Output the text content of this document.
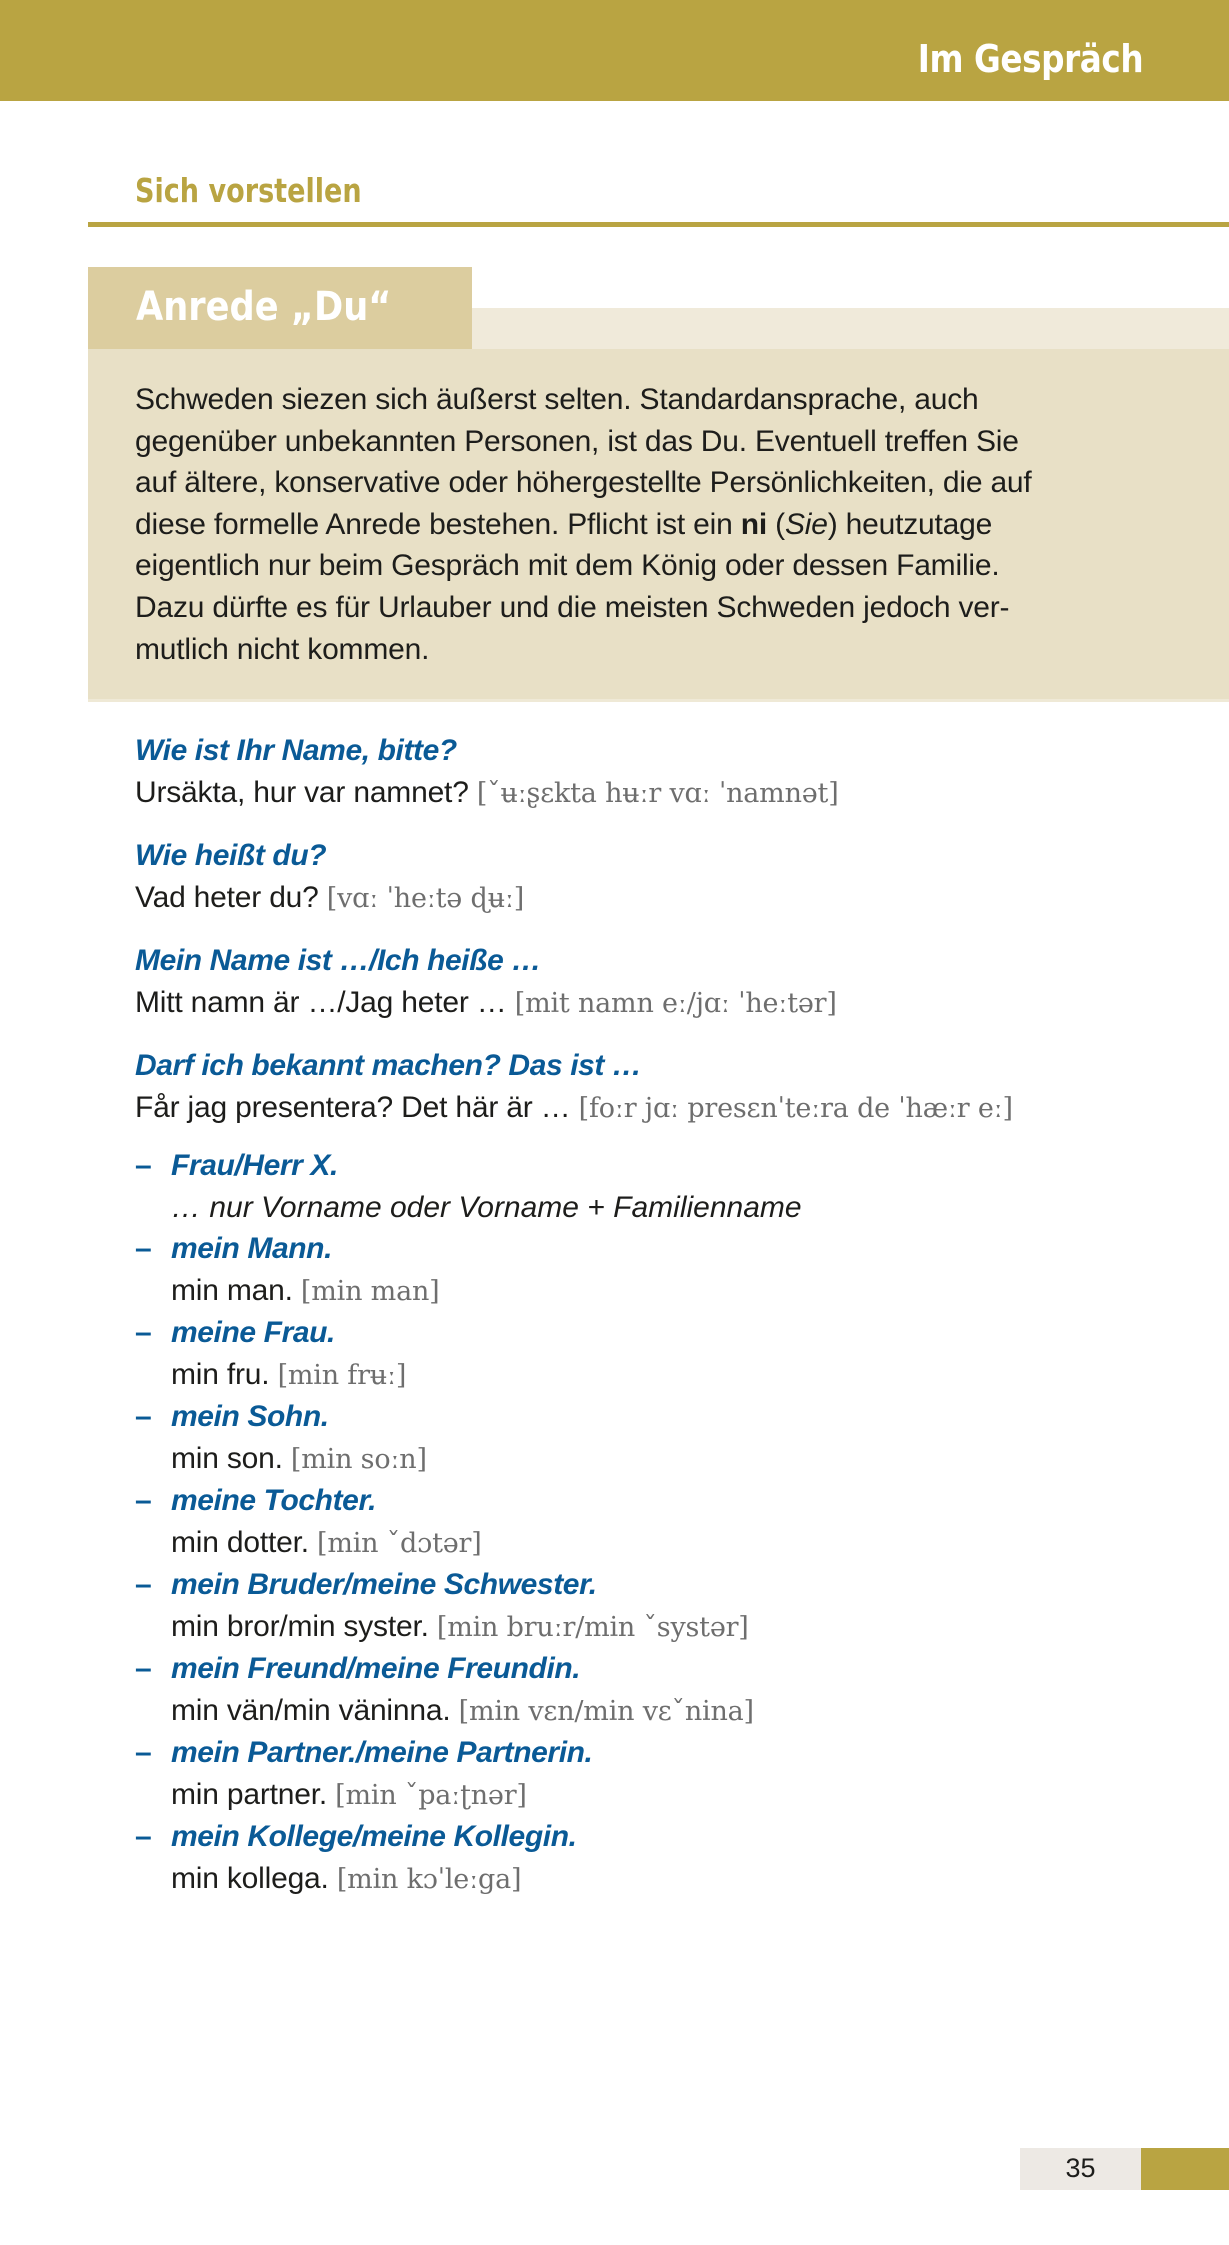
Im Gespräch
Sich vorstellen
Anrede „Du“

Schweden siezen sich äußerst selten. Standardansprache, auch
gegenüber unbekannten Personen, ist das Du. Eventuell treffen Sie
auf ältere, konservative oder höhergestellte Persönlichkeiten, die auf
diese formelle Anrede bestehen. Pflicht ist ein ni (Sie) heutzutage
eigentlich nur beim Gespräch mit dem König oder dessen Familie.
Dazu dürfte es für Urlauber und die meisten Schweden jedoch ver-
mutlich nicht kommen.

Wie ist Ihr Name, bitte?
Ursäkta, hur var namnet? [ˇʉːʂɛkta hʉːr vɑː ˈnamnət]
Wie heißt du?
Vad heter du? [vɑː ˈheːtə ɖʉː]
Mein Name ist …/Ich heiße …
Mitt namn är …/Jag heter … [mit namn eː/jɑː ˈheːtər]
Darf ich bekannt machen? Das ist …
Får jag presentera? Det här är … [foːr jɑː presɛnˈteːra de ˈhæːr eː]
– Frau/Herr X.
… nur Vorname oder Vorname + Familienname
– mein Mann.
min man. [min man]
– meine Frau.
min fru. [min frʉː]
– mein Sohn.
min son. [min soːn]
– meine Tochter.
min dotter. [min ˇdɔtər]
– mein Bruder/meine Schwester.
min bror/min syster. [min bruːr/min ˇsystər]
– mein Freund/meine Freundin.
min vän/min väninna. [min vɛn/min vɛˇnina]
– mein Partner./meine Partnerin.
min partner. [min ˇpaːʈnər]
– mein Kollege/meine Kollegin.
min kollega. [min kɔˈleːga]
35
